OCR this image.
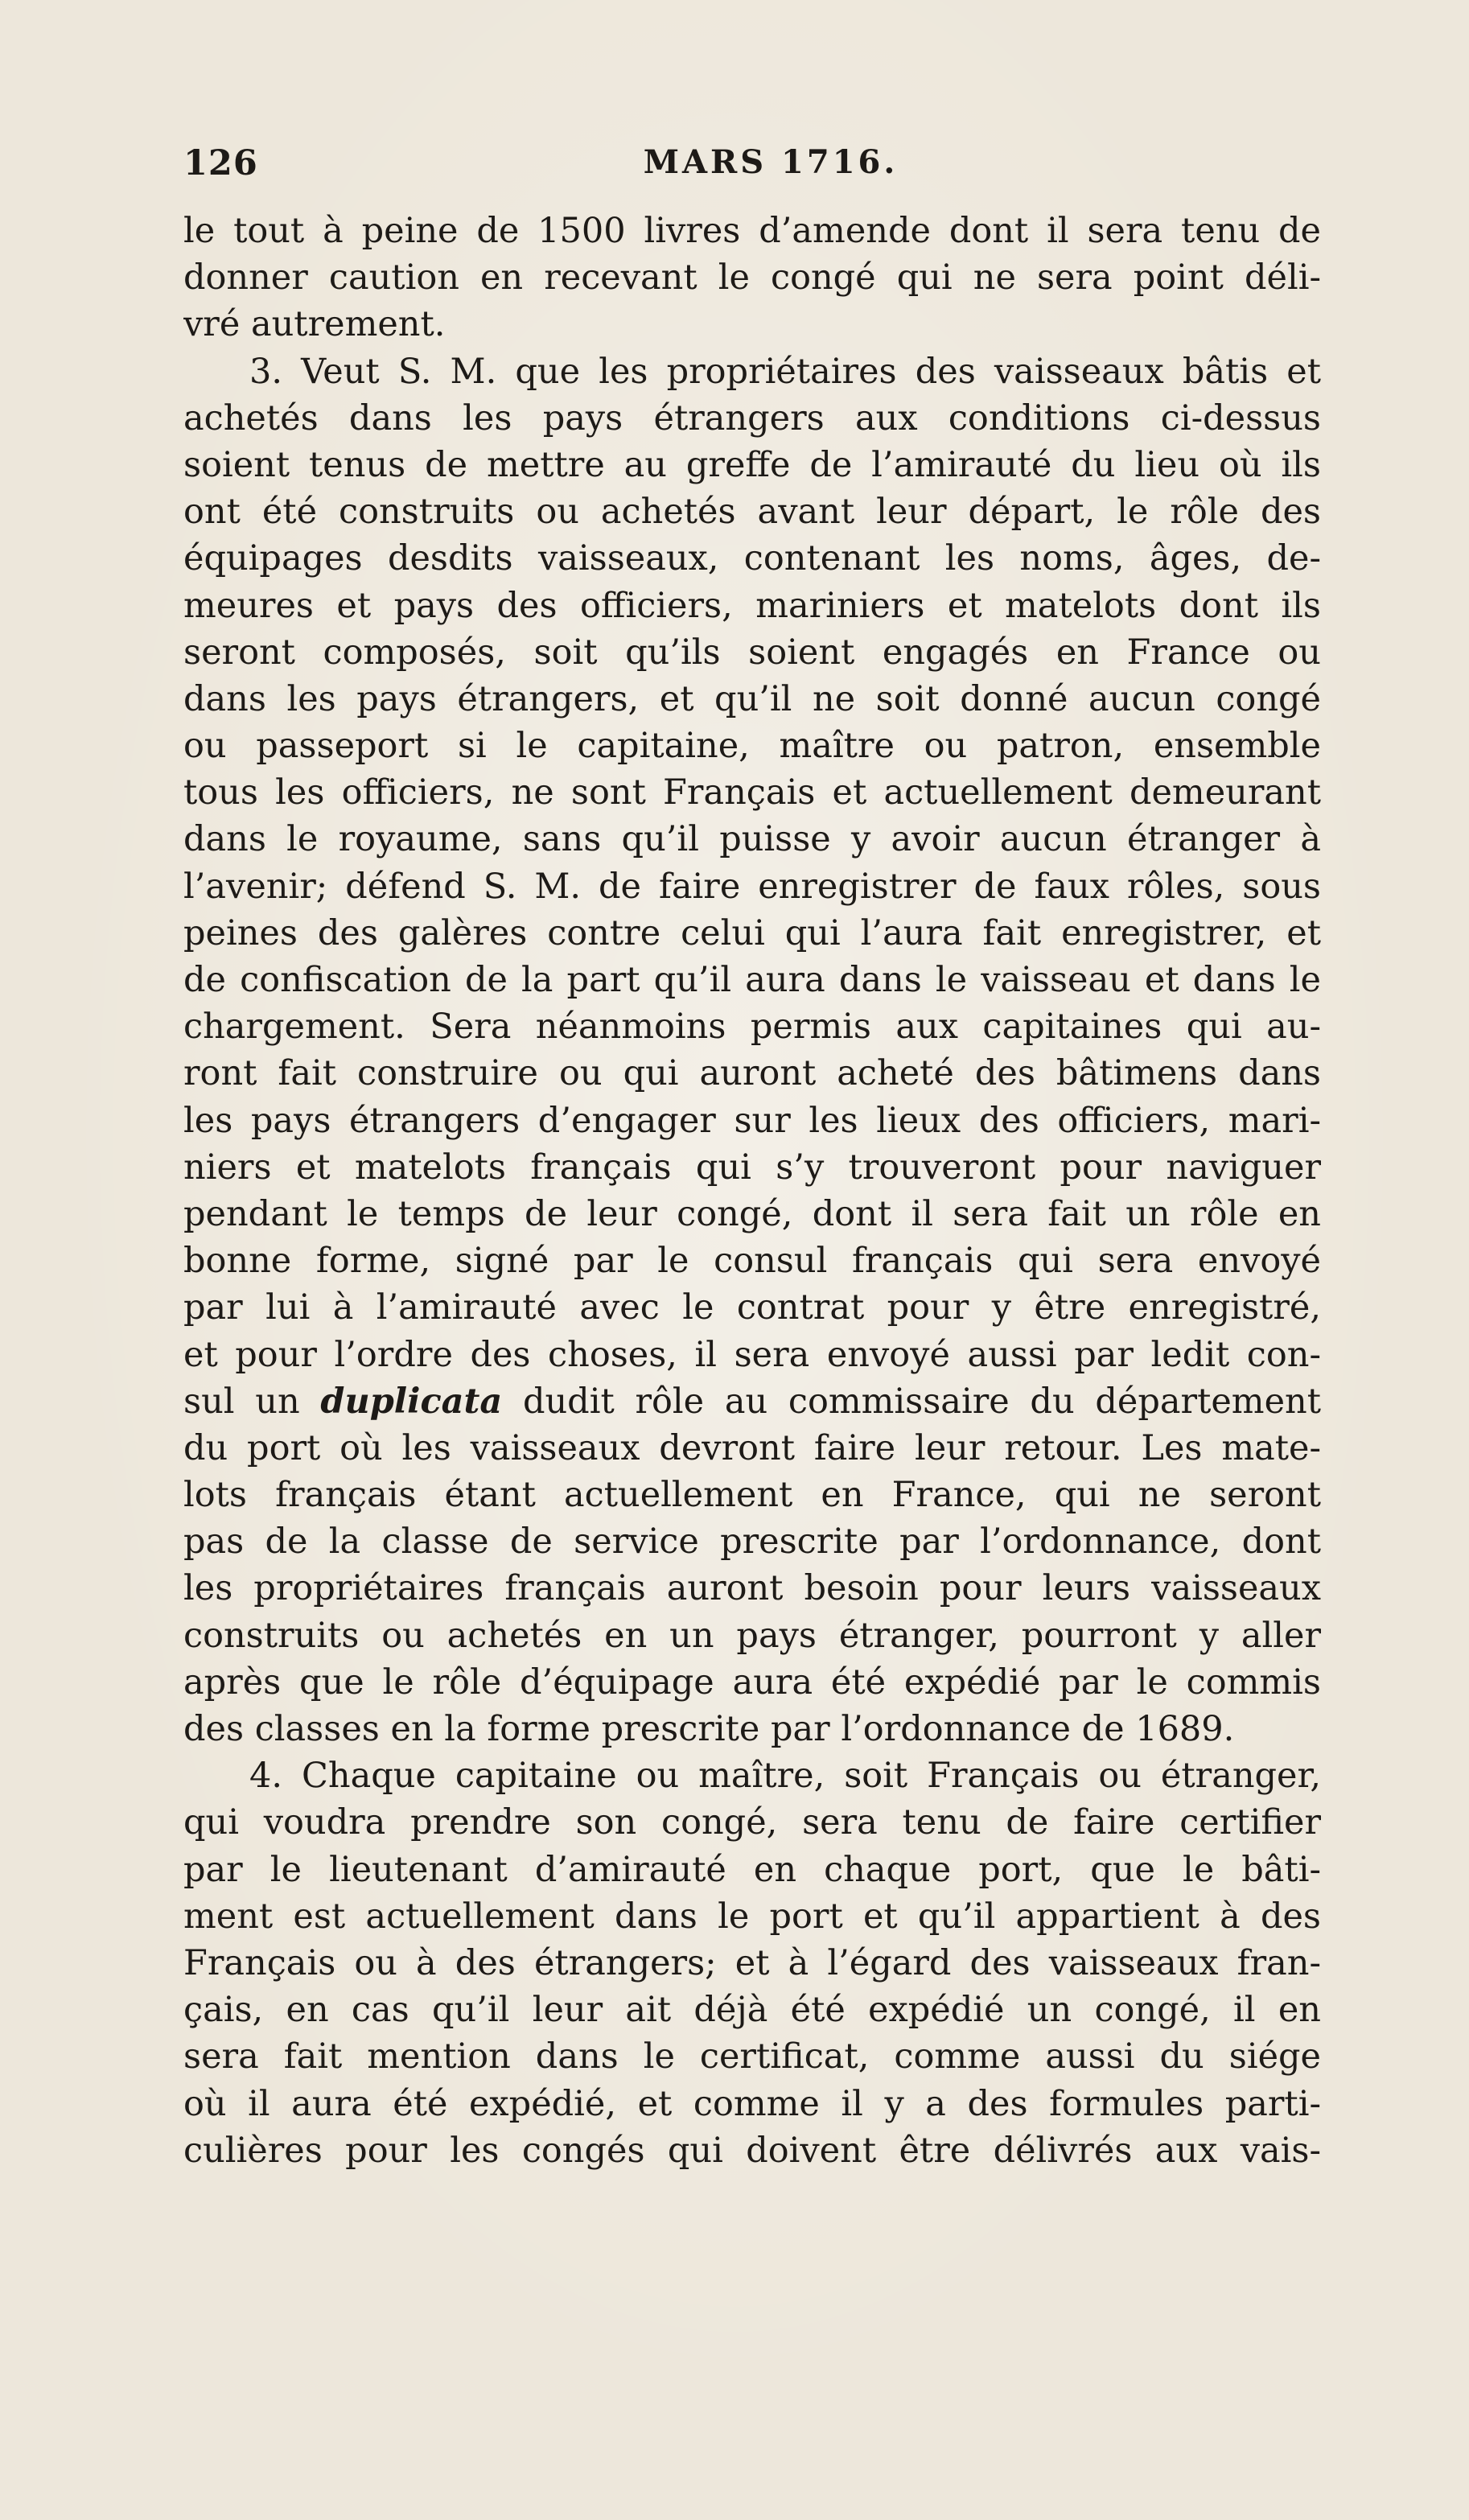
126	MARS 1716.
le tout à peine de 1500 livres d’amende dont il sera tenu de
donner caution en recevant le congé qui ne sera point déli-
vré autrement.
3. Veut S. M. que les propriétaires des vaisseaux bâtis et
achetés dans les pays étrangers aux conditions ci-dessus
soient tenus de mettre au greffe de l’amirauté du lieu où ils
ont été construits ou achetés avant leur départ, le rôle des
équipages desdits vaisseaux, contenant les noms, âges, de-
meures et pays des officiers, mariniers et matelots dont ils
seront composés, soit qu’ils soient engagés en France ou
dans les pays étrangers, et qu’il ne soit donné aucun congé
ou passeport si le capitaine, maître ou patron, ensemble
tous les officiers, ne sont Français et actuellement demeurant
dans le royaume, sans qu’il puisse y avoir aucun étranger à
l’avenir; défend S. M. de faire enregistrer de faux rôles, sous
peines des galères contre celui qui l’aura fait enregistrer, et
de confiscation de la part qu’il aura dans le vaisseau et dans le
chargement. Sera néanmoins permis aux capitaines qui au-
ront fait construire ou qui auront acheté des bâtimens dans
les pays étrangers d’engager sur les lieux des officiers, mari-
niers et matelots français qui s’y trouveront pour naviguer
pendant le temps de leur congé, dont il sera fait un rôle en
bonne forme, signé par le consul français qui sera envoyé
par lui à l’amirauté avec le contrat pour y être enregistré,
et pour l’ordre des choses, il sera envoyé aussi par ledit con-
sul un duplicata dudit rôle au commissaire du département
du port où les vaisseaux devront faire leur retour. Les mate-
lots français étant actuellement en France, qui ne seront
pas de la classe de service prescrite par l’ordonnance, dont
les propriétaires français auront besoin pour leurs vaisseaux
construits ou achetés en un pays étranger, pourront y aller
après que le rôle d’équipage aura été expédié par le commis
des classes en la forme prescrite par l’ordonnance de 1689.
4. Chaque capitaine ou maître, soit Français ou étranger,
qui voudra prendre son congé, sera tenu de faire certifier
par le lieutenant d’amirauté en chaque port, que le bâti-
ment est actuellement dans le port et qu’il appartient à des
Français ou à des étrangers; et à l’égard des vaisseaux fran-
çais, en cas qu’il leur ait déjà été expédié un congé, il en
sera fait mention dans le certificat, comme aussi du siége
où il aura été expédié, et comme il y a des formules parti-
culières pour les congés qui doivent être délivrés aux vais-
